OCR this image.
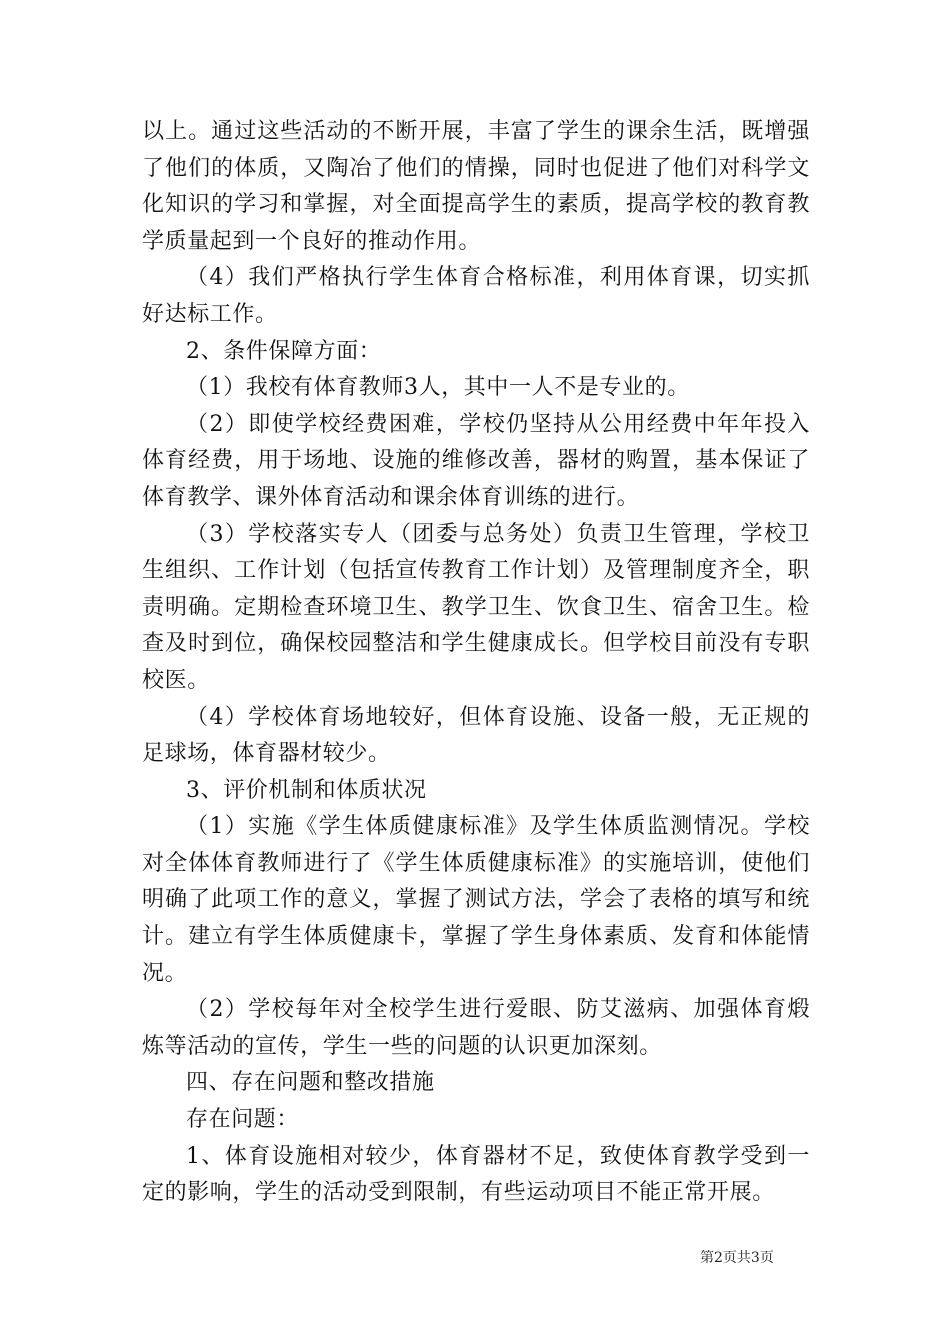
以上。通过这些活动的不断开展，丰富了学生的课余生活，既增强了他们的体质，又陶冶了他们的情操，同时也促进了他们对科学文化知识的学习和掌握，对全面提高学生的素质，提高学校的教育教学质量起到一个良好的推动作用。

（4）我们严格执行学生体育合格标准，利用体育课，切实抓好达标工作。

2、条件保障方面：

（1）我校有体育教师3人，其中一人不是专业的。

（2）即使学校经费困难，学校仍坚持从公用经费中年年投入体育经费，用于场地、设施的维修改善，器材的购置，基本保证了体育教学、课外体育活动和课余体育训练的进行。

（3）学校落实专人（团委与总务处）负责卫生管理，学校卫生组织、工作计划（包括宣传教育工作计划）及管理制度齐全，职责明确。定期检查环境卫生、教学卫生、饮食卫生、宿舍卫生。检查及时到位，确保校园整洁和学生健康成长。但学校目前没有专职校医。

（4）学校体育场地较好，但体育设施、设备一般，无正规的足球场，体育器材较少。

3、评价机制和体质状况

（1）实施《学生体质健康标准》及学生体质监测情况。学校对全体体育教师进行了《学生体质健康标准》的实施培训，使他们明确了此项工作的意义，掌握了测试方法，学会了表格的填写和统计。建立有学生体质健康卡，掌握了学生身体素质、发育和体能情况。

（2）学校每年对全校学生进行爱眼、防艾滋病、加强体育煅炼等活动的宣传，学生一些的问题的认识更加深刻。

四、存在问题和整改措施

存在问题：

1、体育设施相对较少，体育器材不足，致使体育教学受到一定的影响，学生的活动受到限制，有些运动项目不能正常开展。

第2页共3页
